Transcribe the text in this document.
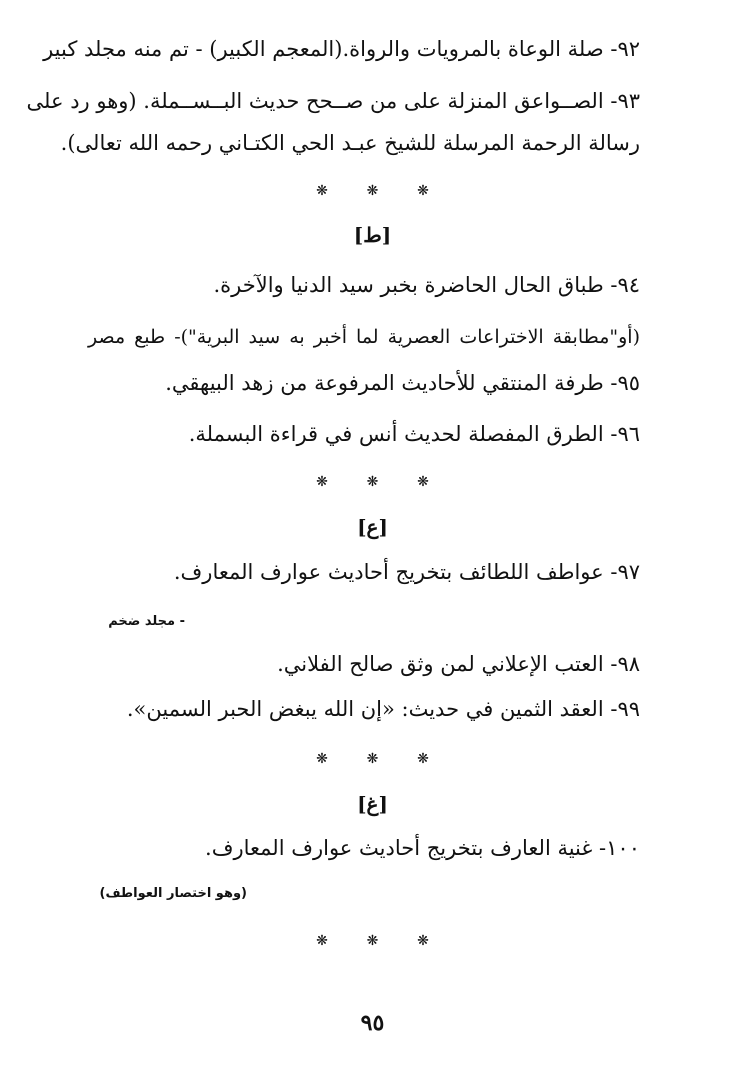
٩٢- صلة الوعاة بالمرويات والرواة.(المعجم الكبير) - تم منه مجلد كبير
٩٣- الصــواعق المنزلة على من صــحح حديث البــســملة. (وهو رد على
رسالة الرحمة المرسلة للشيخ عبـد الحي الكتـاني رحمه الله تعالى).
❋	❋	❋
[ط]
٩٤- طباق الحال الحاضرة بخبر سيد الدنيا والآخرة.
(أو"مطابقة الاختراعات العصرية لما أخبر به سيد البرية")- طبع مصر
٩٥- طرفة المنتقي للأحاديث المرفوعة من زهد البيهقي.
٩٦- الطرق المفصلة لحديث أنس في قراءة البسملة.
❋	❋	❋
[ع]
٩٧- عواطف اللطائف بتخريج أحاديث عوارف المعارف.
- مجلد ضخم
٩٨- العتب الإعلاني لمن وثق صالح الفلاني.
٩٩- العقد الثمين في حديث: «إن الله يبغض الحبر السمين».
❋	❋	❋
[غ]
١٠٠- غنية العارف بتخريج أحاديث عوارف المعارف.
(وهو اختصار العواطف)
❋	❋	❋
٩٥
